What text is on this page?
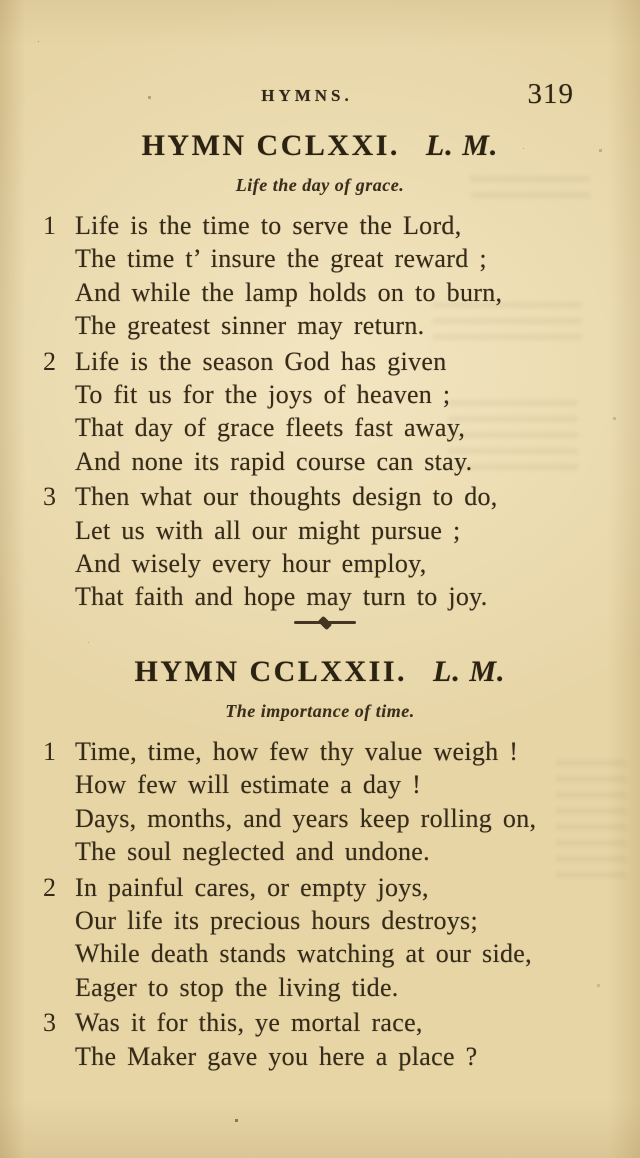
HYMNS.	319
HYMN CCLXXI. L. M.
Life the day of grace.
1 Life is the time to serve the Lord,
The time t’ insure the great reward ;
And while the lamp holds on to burn,
The greatest sinner may return.
2 Life is the season God has given
To fit us for the joys of heaven ;
That day of grace fleets fast away,
And none its rapid course can stay.
3 Then what our thoughts design to do,
Let us with all our might pursue ;
And wisely every hour employ,
That faith and hope may turn to joy.
HYMN CCLXXII. L. M.
The importance of time.
1 Time, time, how few thy value weigh !
How few will estimate a day !
Days, months, and years keep rolling on,
The soul neglected and undone.
2 In painful cares, or empty joys,
Our life its precious hours destroys;
While death stands watching at our side,
Eager to stop the living tide.
3 Was it for this, ye mortal race,
The Maker gave you here a place ?
